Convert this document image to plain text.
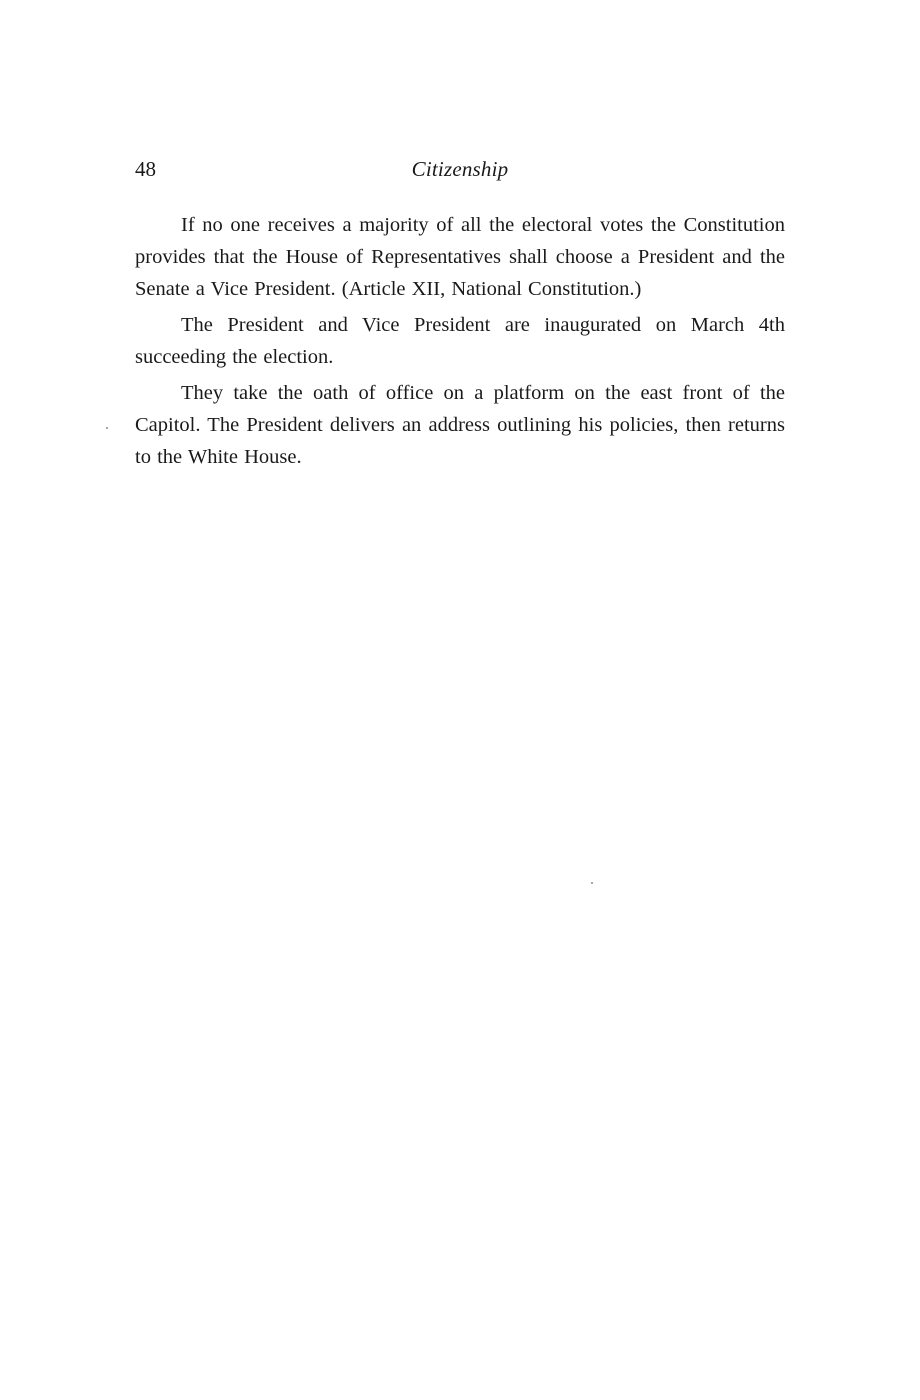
48	Citizenship

If no one receives a majority of all the electoral votes the Constitution provides that the House of Representatives shall choose a President and the Senate a Vice President. (Article XII, National Constitution.)

The President and Vice President are inaugurated on March 4th succeeding the election.

They take the oath of office on a platform on the east front of the Capitol. The President delivers an address outlining his policies, then returns to the White House.
